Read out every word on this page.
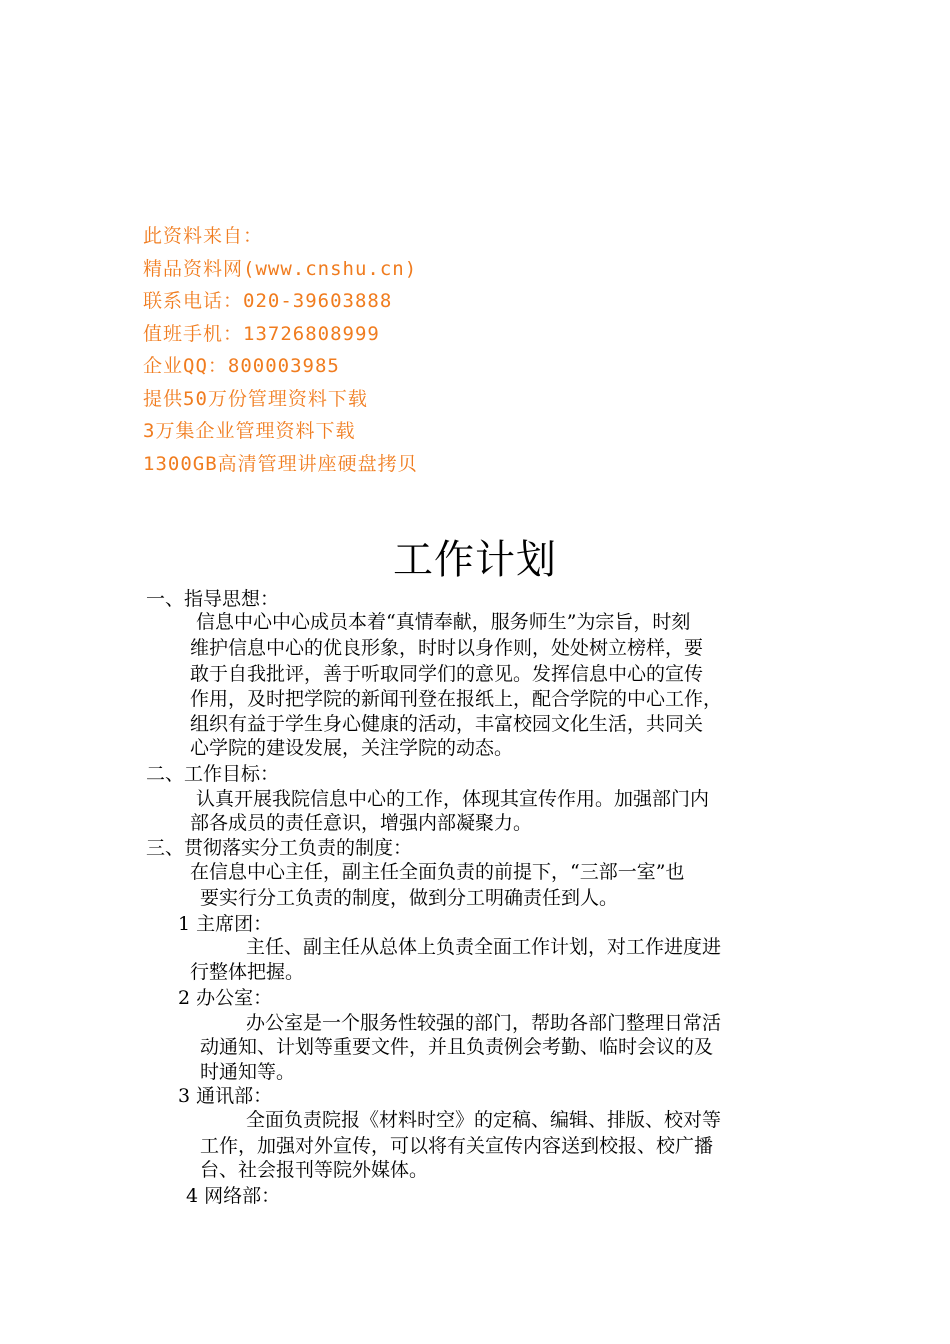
此资料来自：
精品资料网(www.cnshu.cn)
联系电话：020-39603888
值班手机：13726808999
企业QQ：800003985
提供50万份管理资料下载
3万集企业管理资料下载
1300GB高清管理讲座硬盘拷贝
工作计划
一、指导思想：
信息中心中心成员本着“真情奉献，服务师生”为宗旨，时刻
维护信息中心的优良形象，时时以身作则，处处树立榜样，要
敢于自我批评，善于听取同学们的意见。发挥信息中心的宣传
作用，及时把学院的新闻刊登在报纸上，配合学院的中心工作，
组织有益于学生身心健康的活动，丰富校园文化生活，共同关
心学院的建设发展，关注学院的动态。
二、工作目标：
认真开展我院信息中心的工作，体现其宣传作用。加强部门内
部各成员的责任意识，增强内部凝聚力。
三、贯彻落实分工负责的制度：
在信息中心主任，副主任全面负责的前提下，“三部一室”也
要实行分工负责的制度，做到分工明确责任到人。
1 主席团：
主任、副主任从总体上负责全面工作计划，对工作进度进
行整体把握。
2 办公室：
办公室是一个服务性较强的部门，帮助各部门整理日常活
动通知、计划等重要文件，并且负责例会考勤、临时会议的及
时通知等。
3 通讯部：
全面负责院报《材料时空》的定稿、编辑、排版、校对等
工作，加强对外宣传，可以将有关宣传内容送到校报、校广播
台、社会报刊等院外媒体。
4 网络部：
